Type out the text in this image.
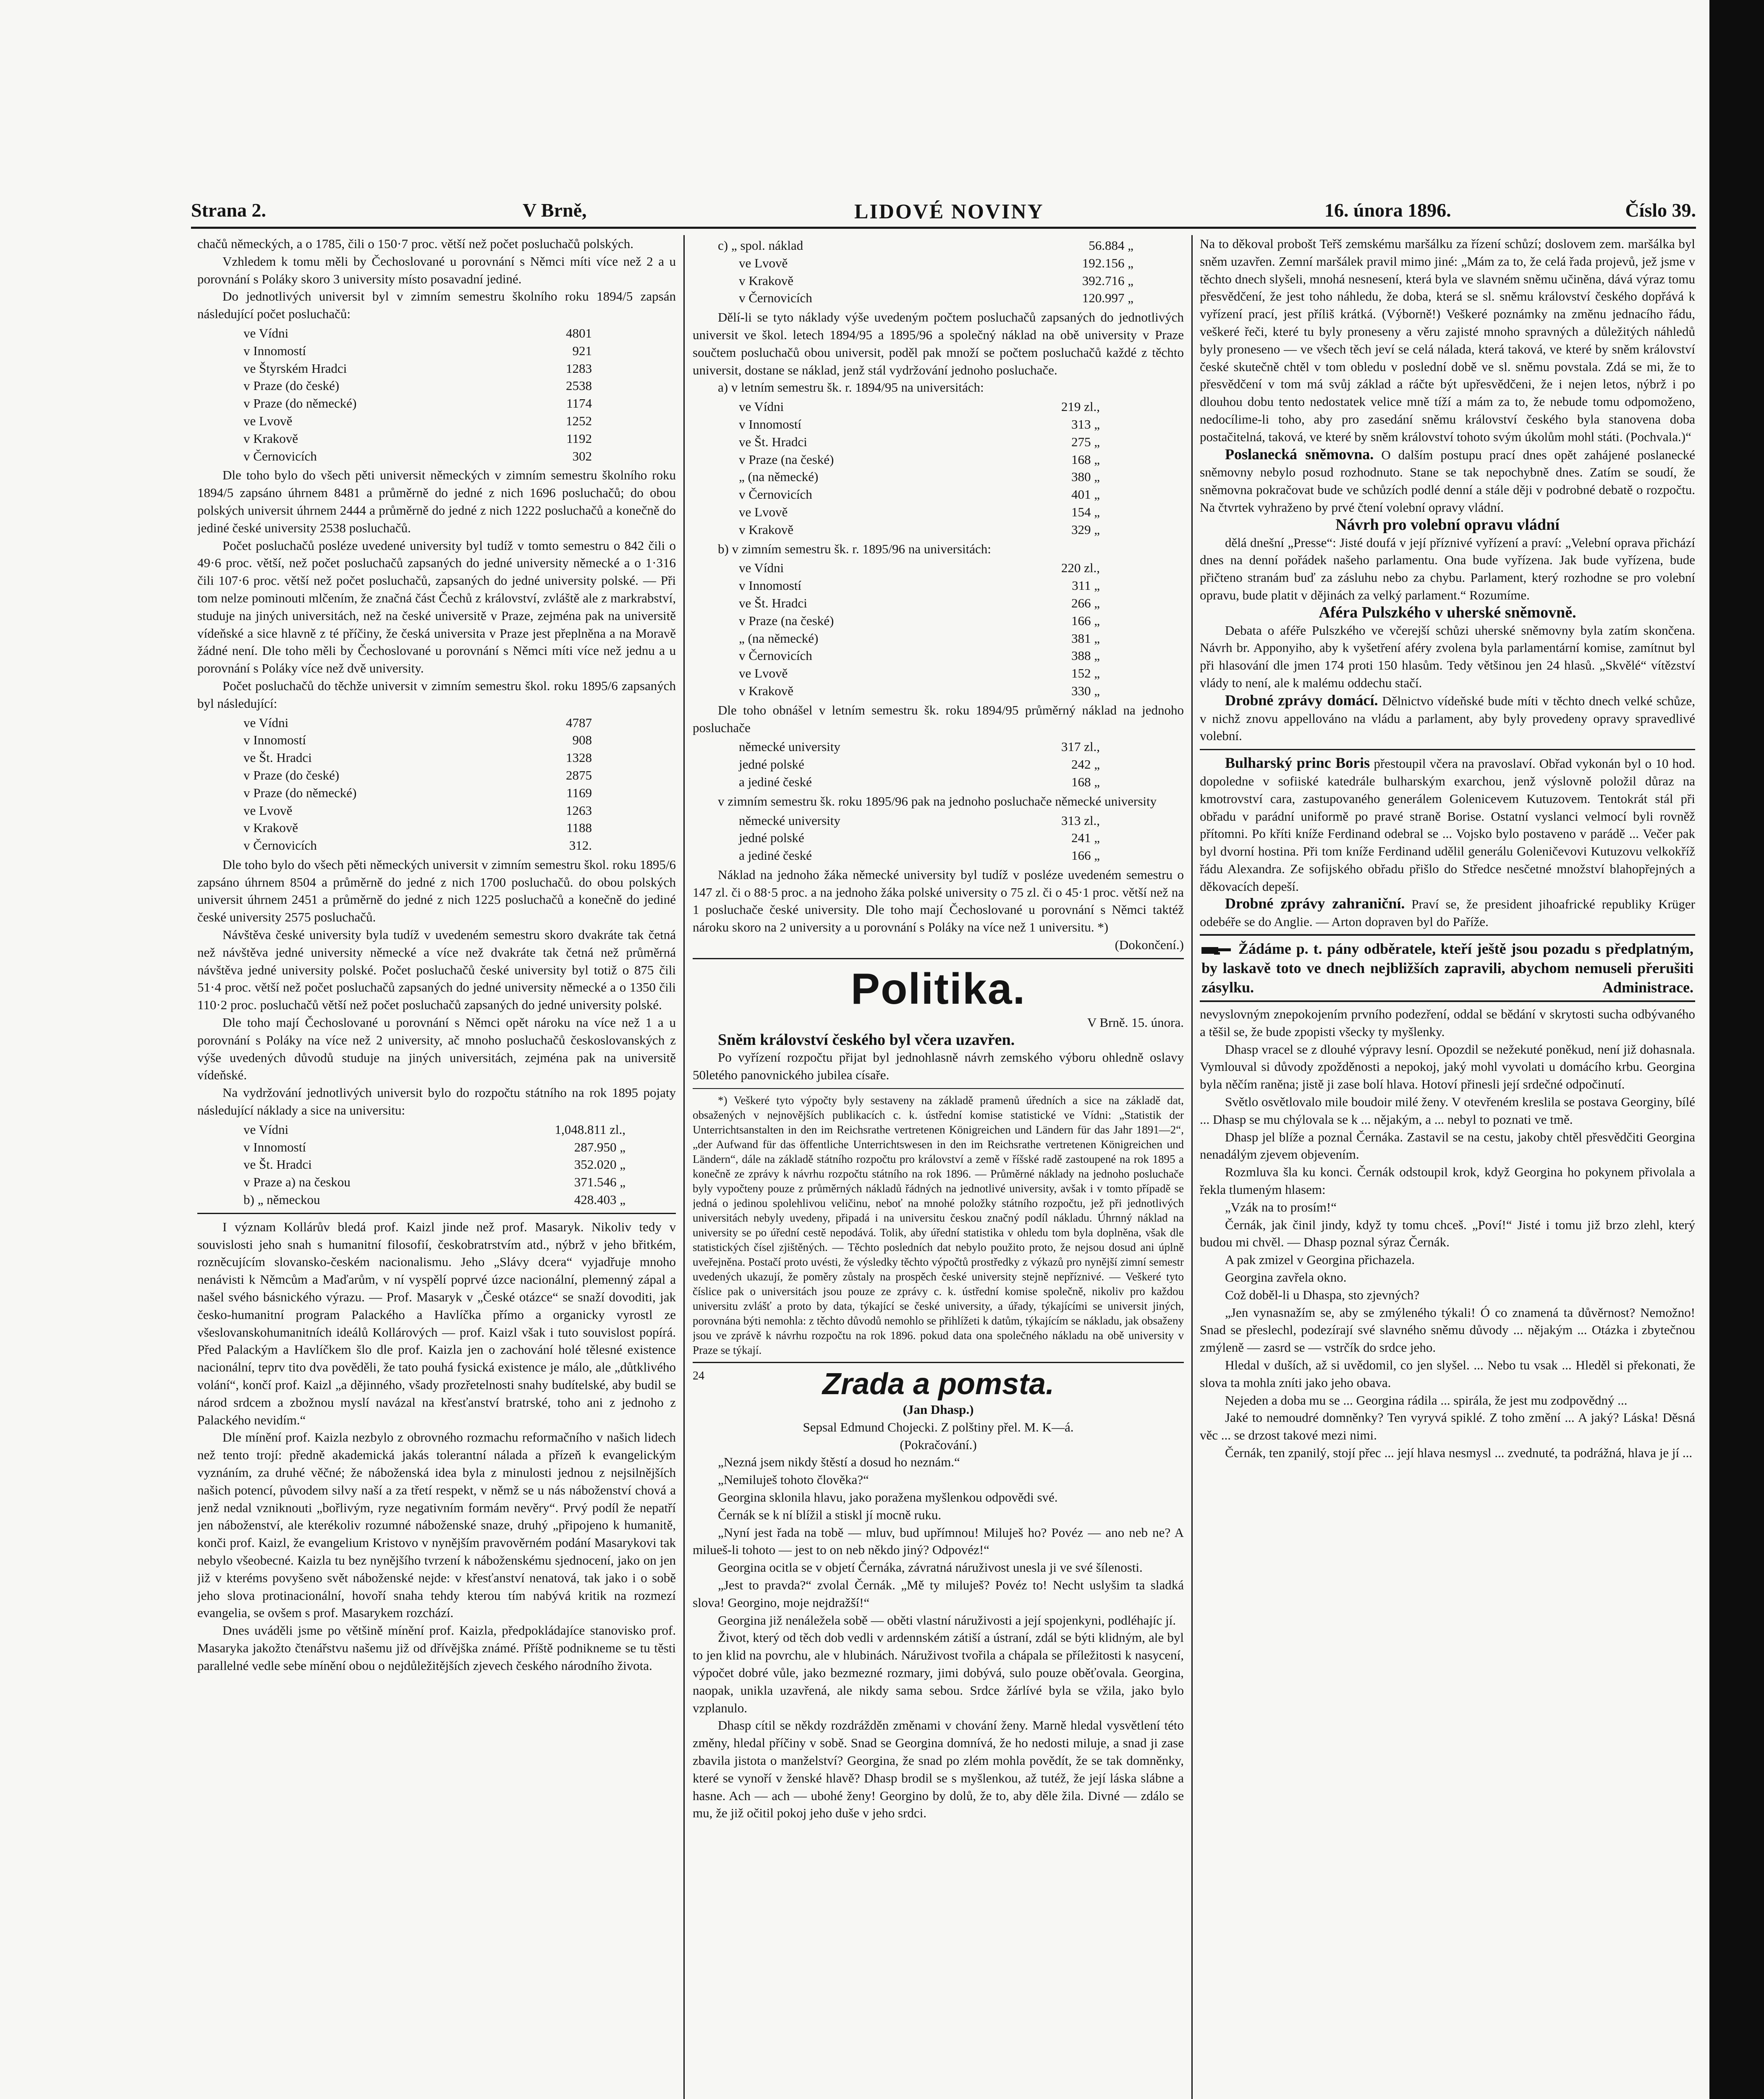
Strana 2.	V Brně,	LIDOVÉ NOVINY	16. února 1896.	Číslo 39.

chačů německých, a o 1785, čili o 150·7 proc. větší než počet posluchačů polských.

Vzhledem k tomu měli by Čechoslované u porovnání s Němci míti více než 2 a u porovnání s Poláky skoro 3 university místo posavadní jediné.

Do jednotlivých universit byl v zimním semestru školního roku 1894/5 zapsán následující počet posluchačů:

ve Vídni	4801
v Innomostí	921
ve Štyrském Hradci	1283
v Praze (do české)	2538
v Praze (do německé)	1174
ve Lvově	1252
v Krakově	1192
v Černovicích	302

Dle toho bylo do všech pěti universit německých v zimním semestru školního roku 1894/5 zapsáno úhrnem 8481 a průměrně do jedné z nich 1696 posluchačů; do obou polských universit úhrnem 2444 a průměrně do jedné z nich 1222 posluchačů a konečně do jediné české university 2538 posluchačů.

Počet posluchačů posléze uvedené university byl tudíž v tomto semestru o 842 čili o 49·6 proc. větší, než počet posluchačů zapsaných do jedné university německé a o 1·316 čili 107·6 proc. větší než počet posluchačů, zapsaných do jedné university polské. — Při tom nelze pominouti mlčením, že značná část Čechů z království, zvláště ale z markrabství, studuje na jiných universitách, než na české universitě v Praze, zejména pak na universitě vídeňské a sice hlavně z té příčiny, že česká universita v Praze jest přeplněna a na Moravě žádné není. Dle toho měli by Čechoslované u porovnání s Němci míti více než jednu a u porovnání s Poláky více než dvě university.

Počet posluchačů do těchže universit v zimním semestru škol. roku 1895/6 zapsaných byl následující:

ve Vídni	4787
v Innomostí	908
ve Št. Hradci	1328
v Praze (do české)	2875
v Praze (do německé)	1169
ve Lvově	1263
v Krakově	1188
v Černovicích	312.

Dle toho bylo do všech pěti německých universit v zimním semestru škol. roku 1895/6 zapsáno úhrnem 8504 a průměrně do jedné z nich 1700 posluchačů. do obou polských universit úhrnem 2451 a průměrně do jedné z nich 1225 posluchačů a konečně do jediné české university 2575 posluchačů.

Návštěva české university byla tudíž v uvedeném semestru skoro dvakráte tak četná než návštěva jedné university německé a více než dvakráte tak četná než průměrná návštěva jedné university polské. Počet posluchačů české university byl totiž o 875 čili 51·4 proc. větší než počet posluchačů zapsaných do jedné university německé a o 1350 čili 110·2 proc. posluchačů větší než počet posluchačů zapsaných do jedné university polské.

Dle toho mají Čechoslované u porovnání s Němci opět nároku na více než 1 a u porovnání s Poláky na více než 2 university, ač mnoho posluchačů českoslovanských z výše uvedených důvodů studuje na jiných universitách, zejména pak na universitě vídeňské.

Na vydržování jednotlivých universit bylo do rozpočtu státního na rok 1895 pojaty následující náklady a sice na universitu:

ve Vídni	1,048.811 zl.,
v Innomostí	287.950 „
ve Št. Hradci	352.020 „
v Praze a) na českou	371.546 „
b) „ německou	428.403 „

I význam Kollárův bledá prof. Kaizl jinde než prof. Masaryk. Nikoliv tedy v souvislosti jeho snah s humanitní filosofií, českobratrstvím atd., nýbrž v jeho břitkém, rozněcujícím slovansko-českém nacionalismu. Jeho „Slávy dcera“ vyjadřuje mnoho nenávisti k Němcům a Maďarům, v ní vyspělí poprvé úzce nacionální, plemenný zápal a našel svého básnického výrazu. — Prof. Masaryk v „České otázce“ se snaží dovoditi, jak česko-humanitní program Palackého a Havlíčka přímo a organicky vyrostl ze všeslovanskohumanitních ideálů Kollárových — prof. Kaizl však i tuto souvislost popírá. Před Palackým a Havlíčkem šlo dle prof. Kaizla jen o zachování holé tělesné existence nacionální, teprv tito dva pověděli, že tato pouhá fysická existence je málo, ale „důtklivého volání“, končí prof. Kaizl „a dějinného, všady prozřetelnosti snahy budítelské, aby budil se národ srdcem a zbožnou myslí navázal na křesťanství bratrské, toho ani z jednoho z Palackého nevidím.“

Dle mínění prof. Kaizla nezbylo z obrovného rozmachu reformačního v našich lidech než tento trojí: předně akademická jakás tolerantní nálada a přízeň k evangelickým vyznáním, za druhé věčné; že náboženská idea byla z minulosti jednou z nejsilnějších našich potencí, původem silvy naší a za třetí respekt, v němž se u nás náboženství chová a jenž nedal vzniknouti „bořlivým, ryze negativním formám nevěry“. Prvý podíl že nepatří jen náboženství, ale kterékoliv rozumné náboženské snaze, druhý „připojeno k humanitě, konči prof. Kaizl, že evangelium Kristovo v nynějším pravověrném podání Masarykovi tak nebylo všeobecné. Kaizla tu bez nynějšího tvrzení k náboženskému sjednocení, jako on jen již v kteréms povyšeno svět náboženské nejde: v křesťanství nenatová, tak jako i o sobě jeho slova protinacionální, hovoří snaha tehdy kterou tím nabývá kritik na rozmezí evangelia, se ovšem s prof. Masarykem rozchází.

Dnes uváděli jsme po většině mínění prof. Kaizla, předpokládajíce stanovisko prof. Masaryka jakožto čtenářstvu našemu již od dřívějška známé. Příště podnikneme se tu těsti parallelné vedle sebe mínění obou o nejdůležitějších zjevech českého národního života.

c) „ spol. náklad	56.884 „
ve Lvově	192.156 „
v Krakově	392.716 „
v Černovicích	120.997 „

Dělí-li se tyto náklady výše uvedeným počtem posluchačů zapsaných do jednotlivých universit ve škol. letech 1894/95 a 1895/96 a společný náklad na obě university v Praze součtem posluchačů obou universit, poděl pak množí se počtem posluchačů každé z těchto universit, dostane se náklad, jenž stál vydržování jednoho posluchače.

a) v letním semestru šk. r. 1894/95 na universitách:

ve Vídni	219 zl.,
v Innomostí	313 „
ve Št. Hradci	275 „
v Praze (na české)	168 „
„ (na německé)	380 „
v Černovicích	401 „
ve Lvově	154 „
v Krakově	329 „

b) v zimním semestru šk. r. 1895/96 na universitách:

ve Vídni	220 zl.,
v Innomostí	311 „
ve Št. Hradci	266 „
v Praze (na české)	166 „
„ (na německé)	381 „
v Černovicích	388 „
ve Lvově	152 „
v Krakově	330 „

Dle toho obnášel v letním semestru šk. roku 1894/95 průměrný náklad na jednoho posluchače

německé university	317 zl.,
jedné polské	242 „
a jediné české	168 „

v zimním semestru šk. roku 1895/96 pak na jednoho posluchače německé university

německé university	313 zl.,
jedné polské	241 „
a jediné české	166 „

Náklad na jednoho žáka německé university byl tudíž v posléze uvedeném semestru o 147 zl. či o 88·5 proc. a na jednoho žáka polské university o 75 zl. či o 45·1 proc. větší než na 1 posluchače české university. Dle toho mají Čechoslované u porovnání s Němci taktéž nároku skoro na 2 university a u porovnání s Poláky na více než 1 universitu. *)

(Dokončení.)

Politika.

V Brně. 15. února.

Sněm království českého byl včera uzavřen.

Po vyřízení rozpočtu přijat byl jednohlasně návrh zemského výboru ohledně oslavy 50letého panovnického jubilea císaře.

*) Veškeré tyto výpočty byly sestaveny na základě pramenů úředních a sice na základě dat, obsažených v nejnovějších publikacích c. k. ústřední komise statistické ve Vídni: „Statistik der Unterrichtsanstalten in den im Reichsrathe vertretenen Königreichen und Ländern für das Jahr 1891—2“, „der Aufwand für das öffentliche Unterrichtswesen in den im Reichsrathe vertretenen Königreichen und Ländern“, dále na základě státního rozpočtu pro království a země v říšské radě zastoupené na rok 1895 a konečně ze zprávy k návrhu rozpočtu státního na rok 1896. — Průměrné náklady na jednoho posluchače byly vypočteny pouze z průměrných nákladů řádných na jednotlivé university, avšak i v tomto případě se jedná o jedinou spolehlivou veličinu, neboť na mnohé položky státního rozpočtu, jež při jednotlivých universitách nebyly uvedeny, připadá i na universitu českou značný podíl nákladu. Úhrnný náklad na university se po úřední cestě nepodává. Tolik, aby úřední statistika v ohledu tom byla doplněna, však dle statistických čísel zjištěných. — Těchto posledních dat nebylo použito proto, že nejsou dosud ani úplně uveřejněna. Postačí proto uvésti, že výsledky těchto výpočtů prostředky z výkazů pro nynější zimní semestr uvedených ukazují, že poměry zůstaly na prospěch české university stejně nepříznivé. — Veškeré tyto číslice pak o universitách jsou pouze ze zprávy c. k. ústřední komise společně, nikoliv pro každou universitu zvlášť a proto by data, týkající se české university, a úřady, týkajícími se universit jiných, porovnána býti nemohla: z těchto důvodů nemohlo se přihlížeti k datům, týkajícím se nákladu, jak obsaženy jsou ve zprávě k návrhu rozpočtu na rok 1896. pokud data ona společného nákladu na obě university v Praze se týkají.

24	Zrada a pomsta.

(Jan Dhasp.)

Sepsal Edmund Chojecki. Z polštiny přel. M. K—á.

(Pokračování.)

„Nezná jsem nikdy štěstí a dosud ho neznám.“

„Nemiluješ tohoto člověka?“

Georgina sklonila hlavu, jako poražena myšlenkou odpovědi své.

Černák se k ní blížil a stiskl jí mocně ruku.

„Nyní jest řada na tobě — mluv, bud upřímnou! Miluješ ho? Povéz — ano neb ne? A milueš-li tohoto — jest to on neb někdo jiný? Odpovéz!“

Georgina ocitla se v objetí Černáka, závratná náruživost unesla ji ve své šílenosti.

„Jest to pravda?“ zvolal Černák. „Mě ty miluješ? Povéz to! Necht uslyšim ta sladká slova! Georgino, moje nejdražší!“

Georgina již nenáleželа sobě — oběti vlastní náruživosti a její spojenkyni, podléhajíc jí.

Život, který od těch dob vedli v ardennském zátiší a ústraní, zdál se býti klidným, ale byl to jen klid na povrchu, ale v hlubinách. Náruživost tvořila a chápala se příležitosti k nasycení, výpočet dobré vůle, jako bezmezné rozmary, jimi dobývá, sulo pouze oběťovala. Georgina, naopak, unikla uzavřená, ale nikdy sama sebou. Srdce žárlívé byla se vžila, jako bylo vzplanulo.

Dhasp cítil se někdy rozdrážděn změnami v chování ženy. Marně hledal vysvětlení této změny, hledal příčiny v sobě. Snad se Georgina domnívá, že ho nedosti miluje, a snad ji zase zbavila jistota o manželství? Georgina, že snad po zlém mohla povědít, že se tak domněnky, které se vynoří v ženské hlavě? Dhasp brodil se s myšlenkou, až tutéž, že její láska slábne a hasne. Ach — ach — ubohé ženy! Georgino by dolů, že to, aby děle žila. Divné — zdálo se mu, že již očitil pokoj jeho duše v jeho srdci.

Na to děkoval probošt Teřš zemskému maršálku za řízení schůzí; doslovem zem. maršálka byl sněm uzavřen. Zemní maršálek pravil mimo jiné: „Mám za to, že celá řada projevů, jež jsme v těchto dnech slyšeli, mnohá nesnesení, která byla ve slavném sněmu učiněna, dává výraz tomu přesvědčení, že jest toho náhledu, že doba, která se sl. sněmu království českého dopřává k vyřízení prací, jest příliš krátká. (Výborně!) Veškeré poznámky na změnu jednacího řádu, veškeré řeči, které tu byly proneseny a věru zajisté mnoho spravných a důležitých náhledů byly proneseno — ve všech těch jeví se celá nálada, která taková, ve které by sněm království české skutečně chtěl v tom obledu v poslední době ve sl. sněmu povstala. Zdá se mi, že to přesvědčení v tom má svůj základ a ráčte být upřesvědčeni, že i nejen letos, nýbrž i po dlouhou dobu tento nedostatek velice mně tíží a mám za to, že nebude tomu odpomoženo, nedocílime-li toho, aby pro zasedání sněmu království českého byla stanovena doba postačitelná, taková, ve které by sněm království tohoto svým úkolům mohl státi. (Pochvala.)“

Poslanecká sněmovna. O dalším postupu prací dnes opět zahájené poslanecké sněmovny nebylo posud rozhodnuto. Stane se tak nepochybně dnes. Zatím se soudí, že sněmovna pokračovat bude ve schůzích podlé denní a stále ději v podrobné debatě o rozpočtu. Na čtvrtek vyhraženo by prvé čtení volební opravy vládní.

Návrh pro volební opravu vládní

dělá dnešní „Presse“: Jisté doufá v její příznivé vyřízení a praví: „Velební oprava přichází dnes na denní pořádek našeho parlamentu. Ona bude vyřízena. Jak bude vyřízena, bude přičteno stranám buď za zásluhu nebo za chybu. Parlament, který rozhodne se pro volební opravu, bude platit v dějinách za velký parlament.“ Rozumíme.

Aféra Pulszkého v uherské sněmovně.

Debata o aféře Pulszkého ve včerejší schůzi uherské sněmovny byla zatím skončena. Návrh br. Apponyiho, aby k vyšetření aféry zvolena byla parlamentární komise, zamítnut byl při hlasování dle jmen 174 proti 150 hlasům. Tedy většinou jen 24 hlasů. „Skvělé“ vítězství vlády to není, ale k malému oddechu stačí.

Drobné zprávy domácí. Dělnictvo vídeňské bude míti v těchto dnech velké schůze, v nichž znovu appellováno na vládu a parlament, aby byly provedeny opravy spravedlivé volební.

Bulharský princ Boris přestoupil včera na pravoslaví. Obřad vykonán byl o 10 hod. dopoledne v sofiiské katedrále bulharským exarchou, jenž výslovně položil důraz na kmotrovství cara, zastupovaného generálem Golenicevem Kutuzovem. Tentokrát stál při obřadu v parádní uniformě po pravé straně Borise. Ostatní vyslanci velmocí byli rovněž přítomni. Po kříti kníže Ferdinand odebral se ... Vojsko bylo postaveno v parádě ... Večer pak byl dvorní hostina. Při tom kníže Ferdinand udělil generálu Goleničevovi Kutuzovu velkokříž řádu Alexandra. Ze sofijského obřadu přišlo do Středce nesčetné množství blahopřejných a děkovacích depeší.

Drobné zprávy zahraniční. Praví se, že president jihoafrické republiky Krüger odebéře se do Anglie. — Arton dopraven byl do Paříže.

Žádáme p. t. pány odběratele, kteří ještě jsou pozadu s předplatným, by laskavě toto ve dnech nejbližších zapravili, abychom nemuseli přerušiti zásylku.	Administrace.

nevyslovným znepokojením prvního podezření, oddal se bědání v skrytosti sucha odbývaného a těšil se, že bude zpopisti všecky ty myšlenky.

Dhasp vracel se z dlouhé výpravy lesní. Opozdil se nežekuté poněkud, není již dohasnala. Vymlouval si důvody zpožděnosti a nepokoj, jaký mohl vyvolati u domácího krbu. Georgina byla něčím raněna; jistě ji zase bolí hlava. Hotoví přinesli její srdečné odpočinutí.

Světlo osvětlovalo mile boudoir milé ženy. V otevřeném kreslila se postava Georginy, bílé ... Dhasp se mu chýlovala se k ... nějakým, a ... nebyl to poznati ve tmě.

Dhasp jel blíže a poznal Černáka. Zastavil se na cestu, jakoby chtěl přesvědčiti Georgina nenadálým zjevem objevením.

Rozmluva šla ku konci. Černák odstoupil krok, když Georgina ho pokynem přivolala a řekla tlumeným hlasem:

„Vzák na to prosím!“

Černák, jak činil jindy, když ty tomu chceš. „Poví!“ Jisté i tomu již brzo zlehl, který budou mi chvěl. — Dhasp poznal sýraz Černák.

A pak zmizel v Georgina přichazela.

Georgina zavřela okno.

Což doběl-li u Dhaspa, sto zjevných?

„Jen vynasnažím se, aby se zmýleného týkali! Ó co znamená ta důvěrnost? Nemožno! Snad se přeslechl, podezírají své slavného sněmu důvody ... nějakým ... Otázka i zbytečnou zmýleně — zasrd se — vstrčík do srdce jeho.

Hledal v duších, až si uvědomil, co jen slyšel. ... Nebo tu vsak ... Hleděl si překonati, že slova ta mohla zníti jako jeho obava.

Nejeden a doba mu se ... Georgina rádila ... spirála, že jest mu zodpovědný ...

Jaké to nemoudré domněnky? Ten vyryvá spiklé. Z toho změní ... A jaký? Láska! Děsná věc ... se drzost takové mezi nimi.

Černák, ten zpanilý, stojí přec ... její hlava nesmysl ... zvednuté, ta podrážná, hlava je jí ...
